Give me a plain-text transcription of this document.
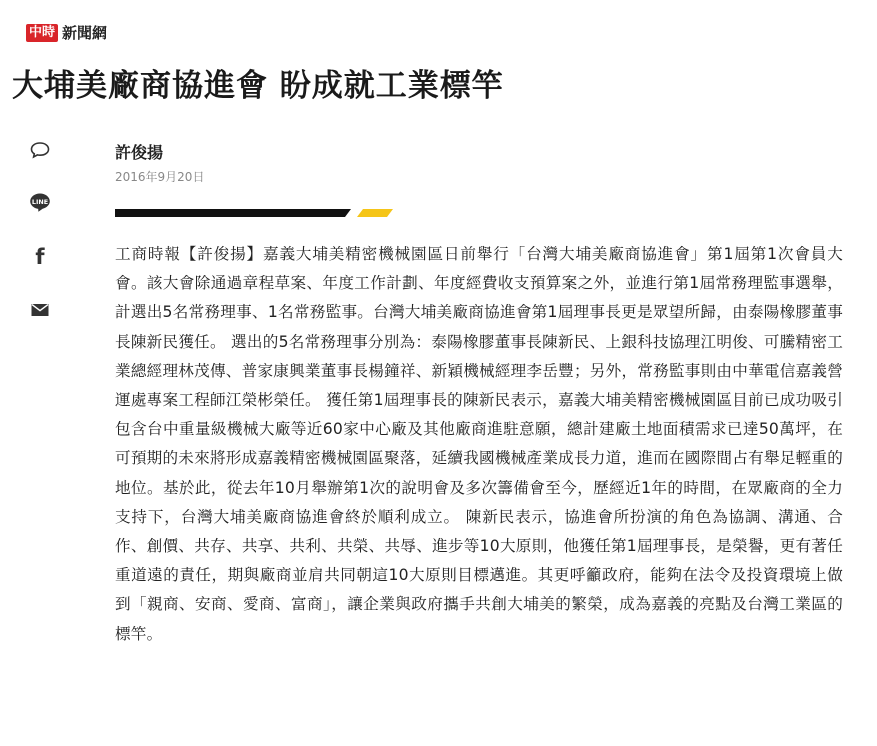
中時 新聞網
大埔美廠商協進會 盼成就工業標竿
LINE
f
許俊揚
2016年9月20日

工商時報【許俊揚】嘉義大埔美精密機械園區日前舉行「台灣大埔美廠商協進會」第1屆第1次會員大會。該大會除通過章程草案、年度工作計劃、年度經費收支預算案之外，並進行第1屆常務理監事選舉，計選出5名常務理事、1名常務監事。台灣大埔美廠商協進會第1屆理事長更是眾望所歸，由泰陽橡膠董事長陳新民獲任。 選出的5名常務理事分別為：泰陽橡膠董事長陳新民、上銀科技協理江明俊、可騰精密工業總經理林茂傳、普家康興業董事長楊鐘祥、新穎機械經理李岳豐；另外，常務監事則由中華電信嘉義營運處專案工程師江榮彬榮任。 獲任第1屆理事長的陳新民表示，嘉義大埔美精密機械園區目前已成功吸引包含台中重量級機械大廠等近60家中心廠及其他廠商進駐意願，總計建廠土地面積需求已達50萬坪，在可預期的未來將形成嘉義精密機械園區聚落，延續我國機械產業成長力道，進而在國際間占有舉足輕重的地位。基於此，從去年10月舉辦第1次的說明會及多次籌備會至今，歷經近1年的時間，在眾廠商的全力支持下，台灣大埔美廠商協進會終於順利成立。 陳新民表示，協進會所扮演的角色為協調、溝通、合作、創價、共存、共享、共利、共榮、共辱、進步等10大原則，他獲任第1屆理事長，是榮譽，更有著任重道遠的責任，期與廠商並肩共同朝這10大原則目標邁進。其更呼籲政府，能夠在法令及投資環境上做到「親商、安商、愛商、富商」，讓企業與政府攜手共創大埔美的繁榮，成為嘉義的亮點及台灣工業區的標竿。
